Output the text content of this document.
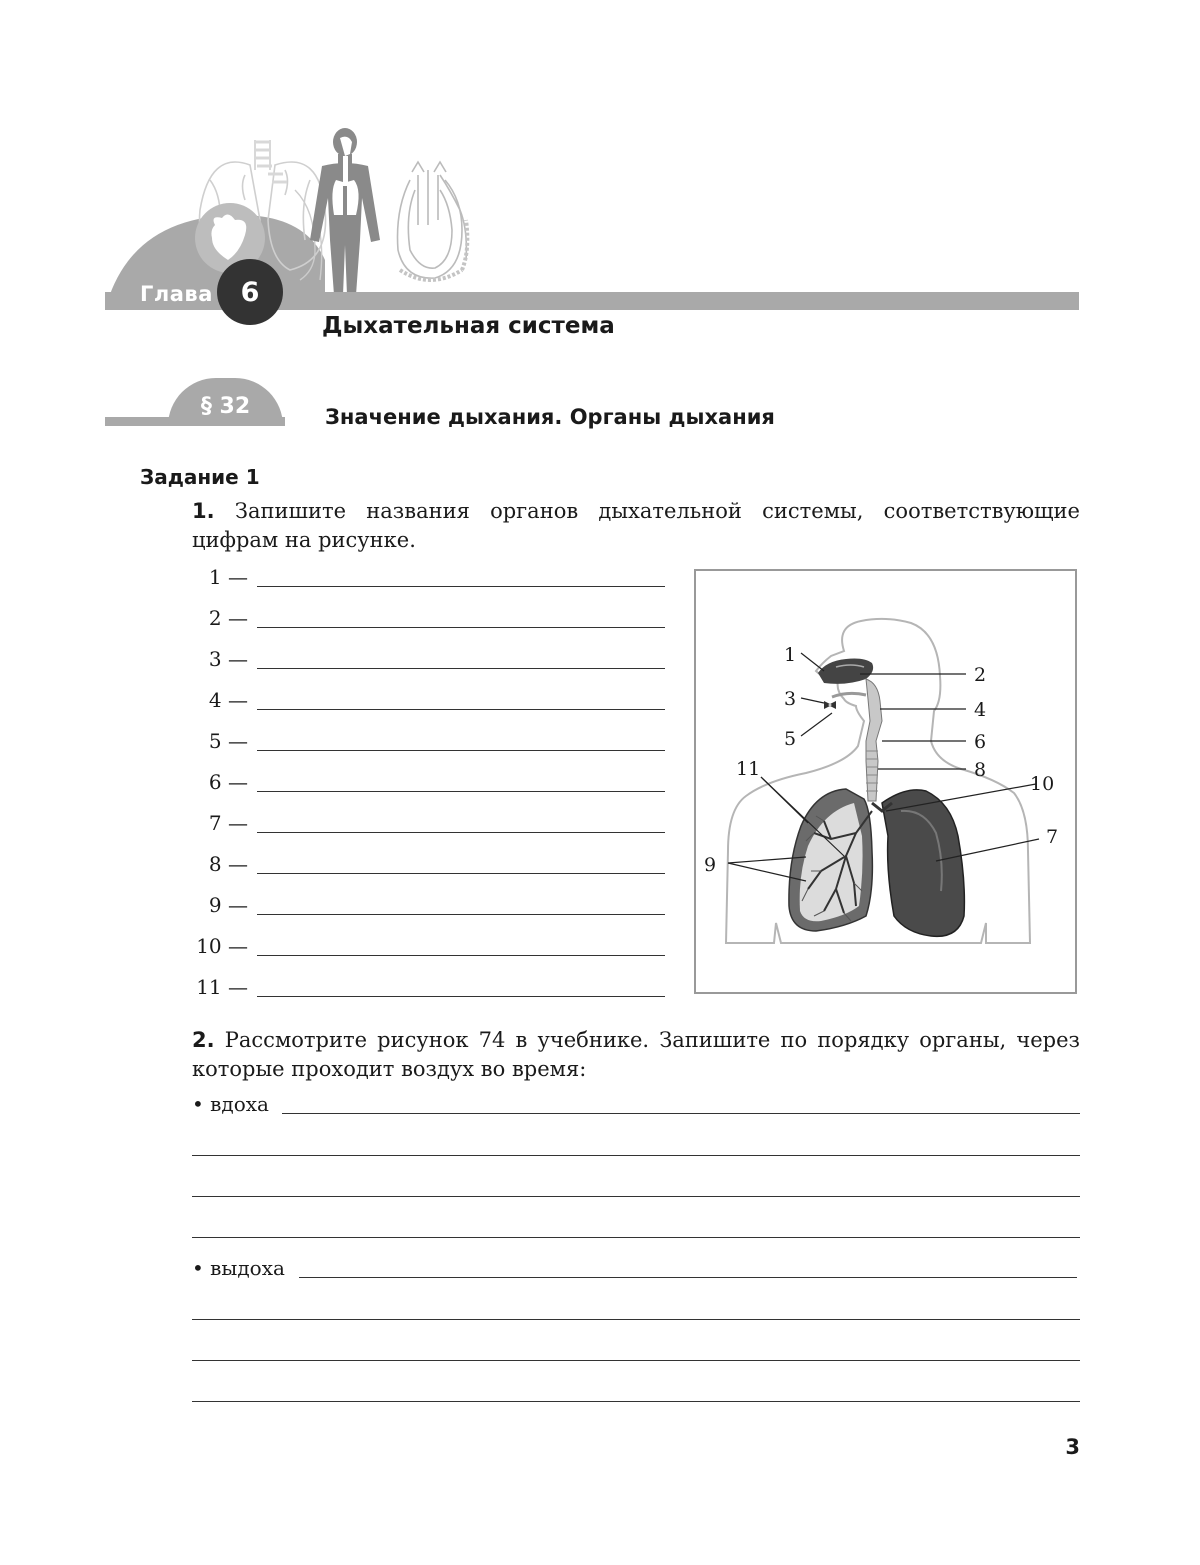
Глава 6
Дыхательная система
§ 32	Значение дыхания. Органы дыхания
Задание 1
1. Запишите названия органов дыхательной системы, соответствующие цифрам на рисунке.
1 —
2 —
3 —
4 —
5 —
6 —
7 —
8 —
9 —
10 —
11 —
1
2
3	4
5	6
7
8
9
10
11
2. Рассмотрите рисунок 74 в учебнике. Запишите по порядку органы, через которые проходит воздух во время:
• вдоха
• выдоха
3
